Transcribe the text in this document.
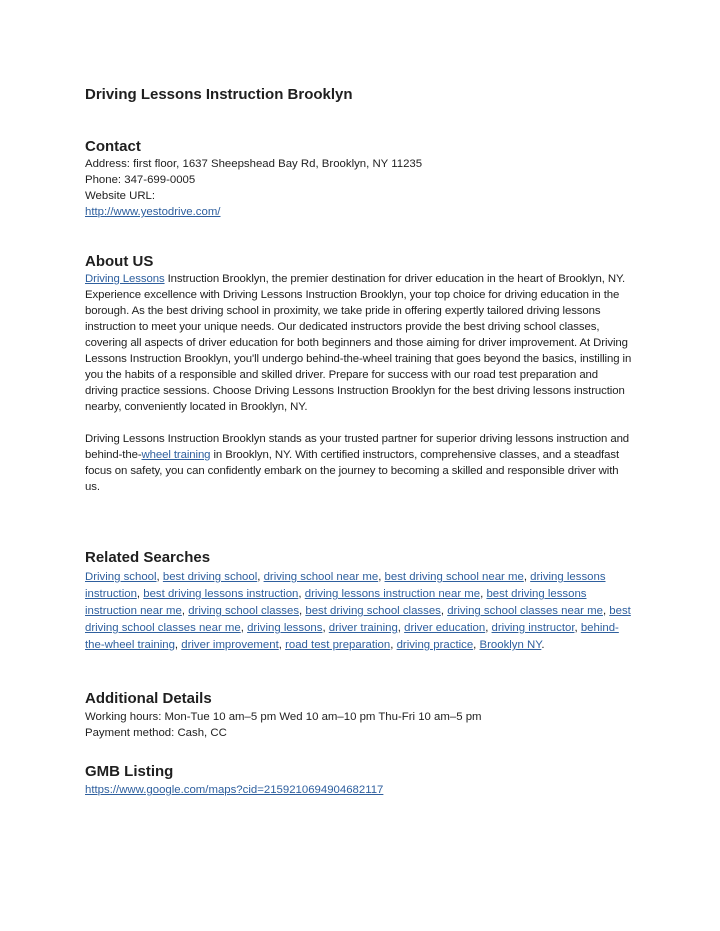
Driving Lessons Instruction Brooklyn
Contact
Address: first floor, 1637 Sheepshead Bay Rd, Brooklyn, NY 11235
Phone: 347-699-0005
Website URL:
http://www.yestodrive.com/
About US

Driving Lessons Instruction Brooklyn, the premier destination for driver education in the heart of Brooklyn, NY. Experience excellence with Driving Lessons Instruction Brooklyn, your top choice for driving education in the borough. As the best driving school in proximity, we take pride in offering expertly tailored driving lessons instruction to meet your unique needs. Our dedicated instructors provide the best driving school classes, covering all aspects of driver education for both beginners and those aiming for driver improvement. At Driving Lessons Instruction Brooklyn, you'll undergo behind-the-wheel training that goes beyond the basics, instilling in you the habits of a responsible and skilled driver. Prepare for success with our road test preparation and driving practice sessions. Choose Driving Lessons Instruction Brooklyn for the best driving lessons instruction nearby, conveniently located in Brooklyn, NY.

Driving Lessons Instruction Brooklyn stands as your trusted partner for superior driving lessons instruction and behind-the-wheel training in Brooklyn, NY. With certified instructors, comprehensive classes, and a steadfast focus on safety, you can confidently embark on the journey to becoming a skilled and responsible driver with us.

Related Searches
Driving school, best driving school, driving school near me, best driving school near me, driving lessons instruction, best driving lessons instruction, driving lessons instruction near me, best driving lessons instruction near me, driving school classes, best driving school classes, driving school classes near me, best driving school classes near me, driving lessons, driver training, driver education, driving instructor, behind-the-wheel training, driver improvement, road test preparation, driving practice, Brooklyn NY.
Additional Details
Working hours: Mon-Tue 10 am–5 pm Wed 10 am–10 pm Thu-Fri 10 am–5 pm
Payment method: Cash, CC
GMB Listing
https://www.google.com/maps?cid=2159210694904682117
